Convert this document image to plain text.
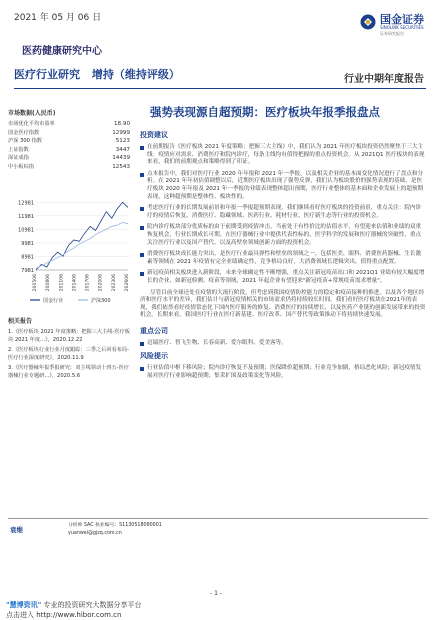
2021 年 05 月 06 日	国金证券
SINOLINK SECURITIES
证券研究报告
医药健康研究中心
医疗行业研究 增持（维持评级）	行业中期年度报告
强势表现源自超预期：医疗板块年报季报盘点
市场数据(人民币)
市场优化平均市盈率	18.90
国金医疗指数	12999
沪深 300 指数	5123
上证指数	3447
深证成指	14439
中小板综指	12543
12981
11981
10981
9981
8981
7981
200506 200806 201106 201406 201706 202006 202306 202606
国金行业	沪深300
相关报告
1.《医疗板块 2021 年度策略：把握三大主线-医疗板块 2021 年度...》，2020.12.22
2.《医疗板块行业行业月度跟踪：三季之后回看布局-医疗行业深度研究》，2020.11.9
3.《医疗器械年报季报研究：双主线领动十四五-医疗器械行业专题研...》，2020.5.6
投资建议
在前期报告《医疗板块 2021 年度策略：把握三大主线》中，我们认为 2021 年医疗板块投资仍然聚焦于三大主线：疫情应对需求、消费医疗和院内诊疗，每条主线均有值得把握的重点投资机会。从 2021Q1 医疗板块的表现来看，我们的前期观点和策略得到了印证。
点本报告中，我们对医疗行业 2020 年年报和 2021 年一季报，以及相关企业的基本面变化情况进行了盘点和分析。在 2021 年年初估值调整以后，近期医疗板块出现了强势反弹，我们认为板块股价的强势表现的基础，是医疗板块 2020 年年报及 2021 年一季报的业绩表现整体超出预期，医疗行业整体的基本面和企业发展上的超预期表现，这种超预期是整体性、板块性的。
考虑医疗行业的长期发展前景和年报一季报超预期表现，我们继续看好医疗板块的投资前景，重点关注：院内诊疗的疫情后恢复、消费医疗、隐藏领域、医药行业、耗材行业、医疗新生态等行业的投资机会。
院内诊疗板块部分优质标的由于前期受到疫情冲击，当前处于有性价比的估值水平，有望迎来估值和业绩的双重恢复机会，行业长期成长可期。在医疗器械行业中提供代表性标的，医学科学的发展和医疗器械的突破性，重点关注医疗行业以及国产替代、以及高壁垒领域创新方面的投资机会。
消费医疗板块成长能力突出，是医疗行业最具弹性和壁垒的领域之一，包括医美、眼科、消费医药器械、生长激素等领域在 2021 年疫情有完全业绩确定性，竞争格局良好，大消费领域长逻辑突出，值得重点配置。
新冠疫苗相关板块进入新阶段，未来全球确定性不断增强，重点关注新冠疫苗出口和 2021Q1 业绩有较大幅度增长的企业，如新冠检测、疫苗等领域，2021 年起企业有望迎来"新冠疫苗+常规疫苗需求增量"。
尽管目前全球还处在疫情的大流行阶段，但考虑到我国疫情防控能力的稳定和疫苗接种的推进，以及各个地区经济和医疗水平的差异，我们估计与新冠疫情相关的市场需求仍将持续较长时间。我们看好医疗板块在2021年的表现，我们依然看好疫情常态化下国内医疗服务的修复、消费医疗的持续增长、以及医药产业链的创新发展带来的投资机会。长期来看，我国医疗行业在医疗新基建、医疗改革、国产替代等政策推动下将持续快速发展。
重点公司
迈瑞医疗、智飞生物、长春高新、爱尔眼科、爱美客等。
风险提示
行业估值中枢下移风险；院内诊疗恢复不及预期；医保降价超预期；行业竞争加剧，格局恶化风险；新冠疫情发展对医疗行业影响超预期；集采扩围及政策变化等风险。
袁维
分析师 SAC 执业编号：S1130518080001
yuanwei@gjzq.com.cn
- 1 -
"慧博资讯" 专业的投资研究大数据分享平台
点击进入 http://www.hibor.com.cn
